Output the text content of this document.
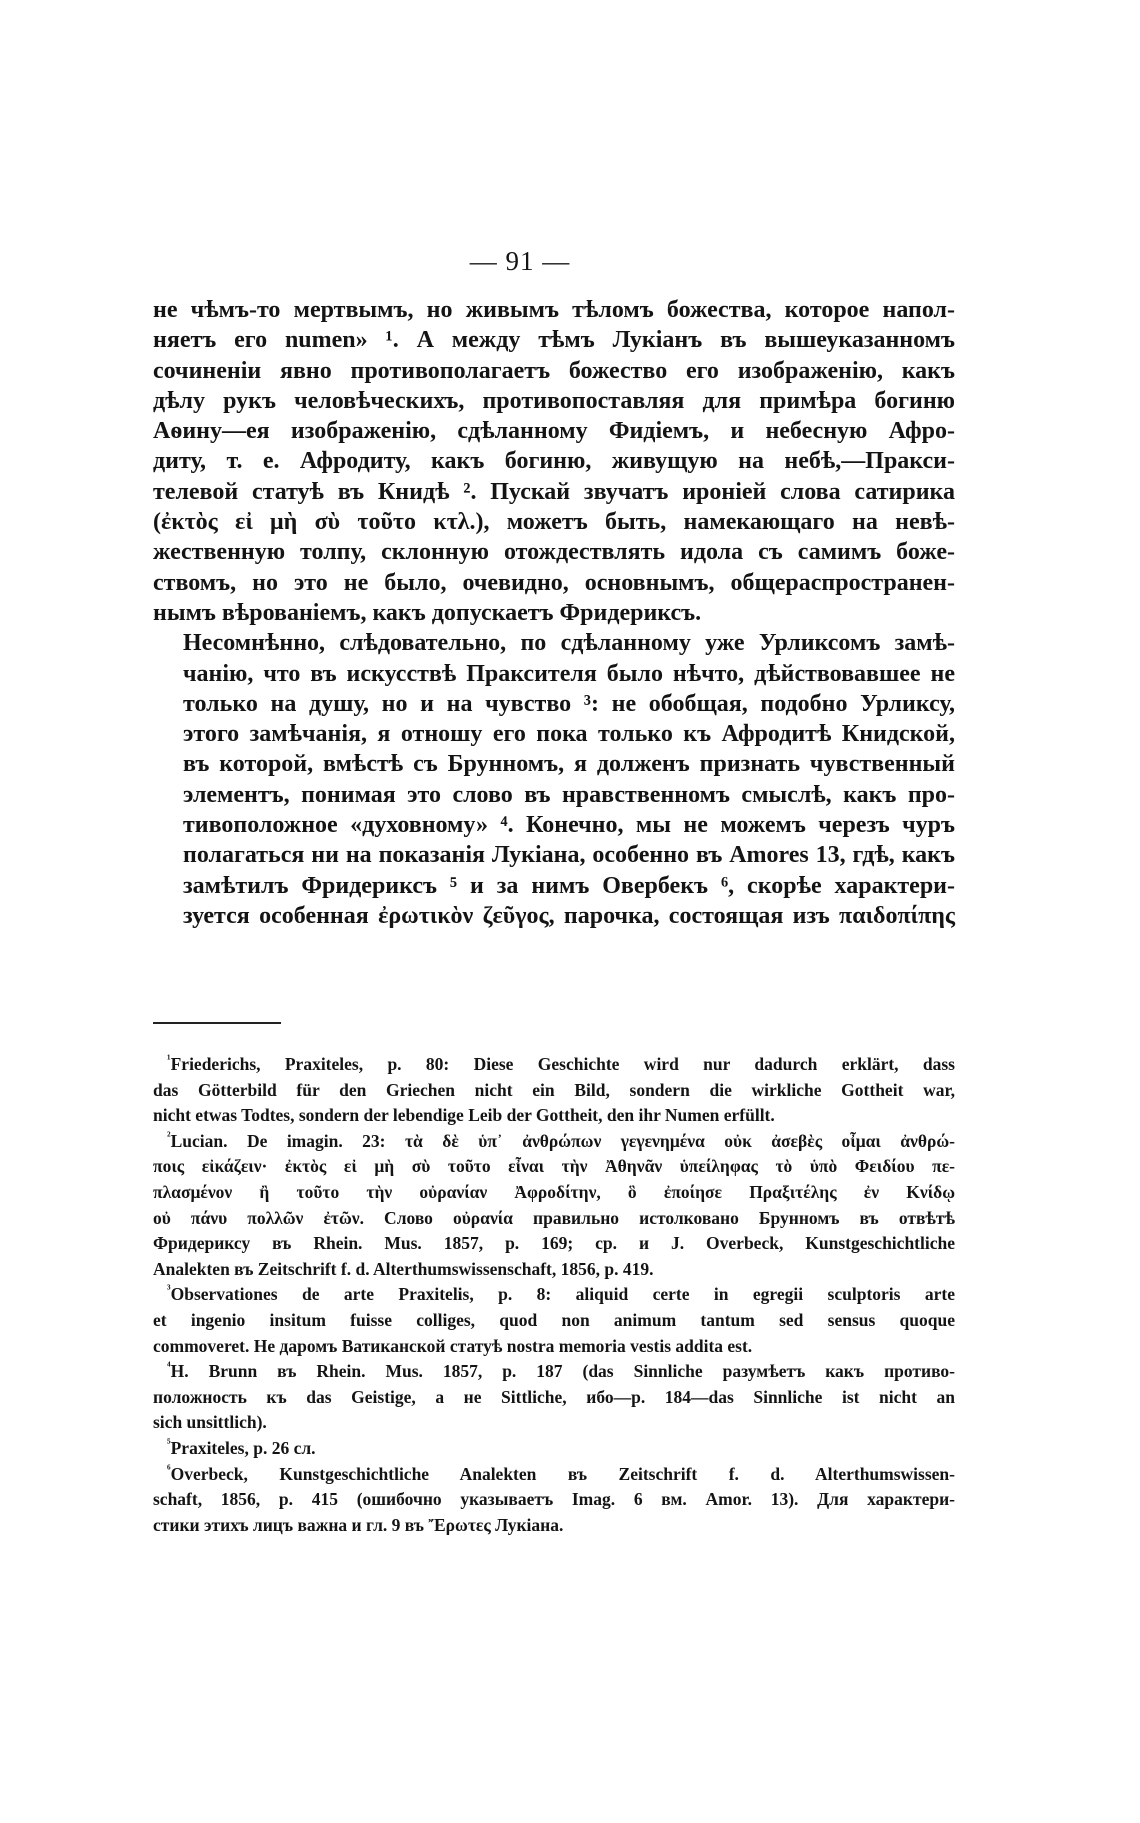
— 91 —

не чѣмъ-то мертвымъ, но живымъ тѣломъ божества, которое напол-
няетъ его numen» ¹. А между тѣмъ Лукіанъ въ вышеуказанномъ
сочиненіи явно противополагаетъ божество его изображенію, какъ
дѣлу рукъ человѣческихъ, противопоставляя для примѣра богиню
Аѳину—ея изображенію, сдѣланному Фидіемъ, и небесную Афро-
диту, т. е. Афродиту, какъ богиню, живущую на небѣ,—Пракси-
телевой статуѣ въ Книдѣ ². Пускай звучатъ ироніей слова сатирика
(ἐκτὸς εἰ μὴ σὺ τοῦτο κτλ.), можетъ быть, намекающаго на невѣ-
жественную толпу, склонную отождествлять идола съ самимъ боже-
ствомъ, но это не было, очевидно, основнымъ, общераспространен-
нымъ вѣрованіемъ, какъ допускаетъ Фридериксъ.

Несомнѣнно, слѣдовательно, по сдѣланному уже Урликсомъ замѣ-
чанію, что въ искусствѣ Праксителя было нѣчто, дѣйствовавшее не
только на душу, но и на чувство ³: не обобщая, подобно Урликсу,
этого замѣчанія, я отношу его пока только къ Афродитѣ Книдской,
въ которой, вмѣстѣ съ Брунномъ, я долженъ признать чувственный
элементъ, понимая это слово въ нравственномъ смыслѣ, какъ про-
тивоположное «духовному» ⁴. Конечно, мы не можемъ черезъ чуръ
полагаться ни на показанія Лукіана, особенно въ Amores 13, гдѣ, какъ
замѣтилъ Фридериксъ ⁵ и за нимъ Овербекъ ⁶, скорѣе характери-
зуется особенная ἐρωτικὸν ζεῦγος, парочка, состоящая изъ παιδοπίπης

$^{^1}$Friederichs, Praxiteles, p. 80: Diese Geschichte wird nur dadurch erklärt, dass
das Götterbild für den Griechen nicht ein Bild, sondern die wirkliche Gottheit war,
nicht etwas Todtes, sondern der lebendige Leib der Gottheit, den ihr Numen erfüllt.
$^{^2}$Lucian. De imagin. 23: τὰ δὲ ὑπ᾽ ἀνθρώπων γεγενημένα οὐκ ἀσεβὲς οἶμαι ἀνθρώ-
ποις εἰκάζειν· ἐκτὸς εἰ μὴ σὺ τοῦτο εἶναι τὴν Ἀθηνᾶν ὑπείληφας τὸ ὑπὸ Φειδίου πε-
πλασμένον ἢ τοῦτο τὴν οὐρανίαν Ἀφροδίτην, ὃ ἐποίησε Πραξιτέλης ἐν Κνίδῳ
οὐ πάνυ πολλῶν ἐτῶν. Слово οὐρανία правильно истолковано Брунномъ въ отвѣтѣ
Фридериксу въ Rhein. Mus. 1857, p. 169; ср. и J. Overbeck, Kunstgeschichtliche
Analekten въ Zeitschrift f. d. Alterthumswissenschaft, 1856, p. 419.
$^{^3}$Observationes de arte Praxitelis, p. 8: aliquid certe in egregii sculptoris arte
et ingenio insitum fuisse colliges, quod non animum tantum sed sensus quoque
commoveret. Не даромъ Ватиканской статуѣ nostra memoria vestis addita est.
$^{^4}$H. Brunn въ Rhein. Mus. 1857, p. 187 (das Sinnliche разумѣетъ какъ противо-
положность къ das Geistige, а не Sittliche, ибо—p. 184—das Sinnliche ist nicht an
sich unsittlich).
$^{^5}$Praxiteles, p. 26 сл.
$^{^6}$Overbeck, Kunstgeschichtliche Analekten въ Zeitschrift f. d. Alterthumswissen-
schaft, 1856, p. 415 (ошибочно указываетъ Imag. 6 вм. Amor. 13). Для характери-
стики этихъ лицъ важна и гл. 9 въ Ἔρωτες Лукіана.
